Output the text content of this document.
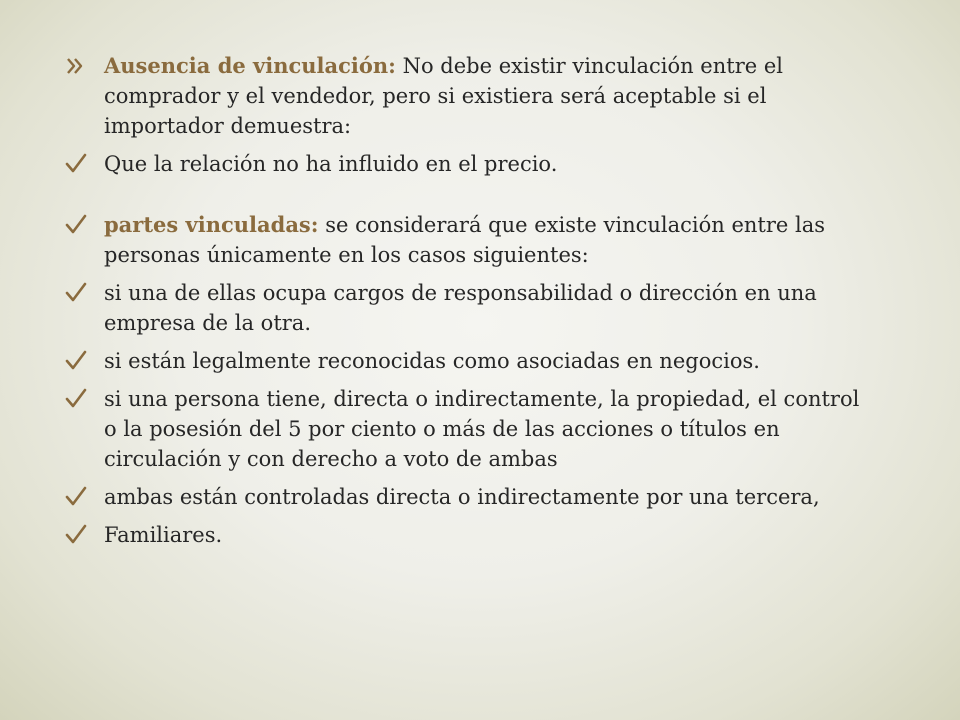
Ausencia de vinculación: No debe existir vinculación entre el comprador y el vendedor, pero si existiera será aceptable si el importador demuestra:
Que la relación no ha influido en el precio.
partes vinculadas: se considerará que existe vinculación entre las personas únicamente en los casos siguientes:
si una de ellas ocupa cargos de responsabilidad o dirección en una empresa de la otra.
si están legalmente reconocidas como asociadas en negocios.
si una persona tiene, directa o indirectamente, la propiedad, el control o la posesión del 5 por ciento o más de las acciones o títulos en circulación y con derecho a voto de ambas
ambas están controladas directa o indirectamente por una tercera,
Familiares.
